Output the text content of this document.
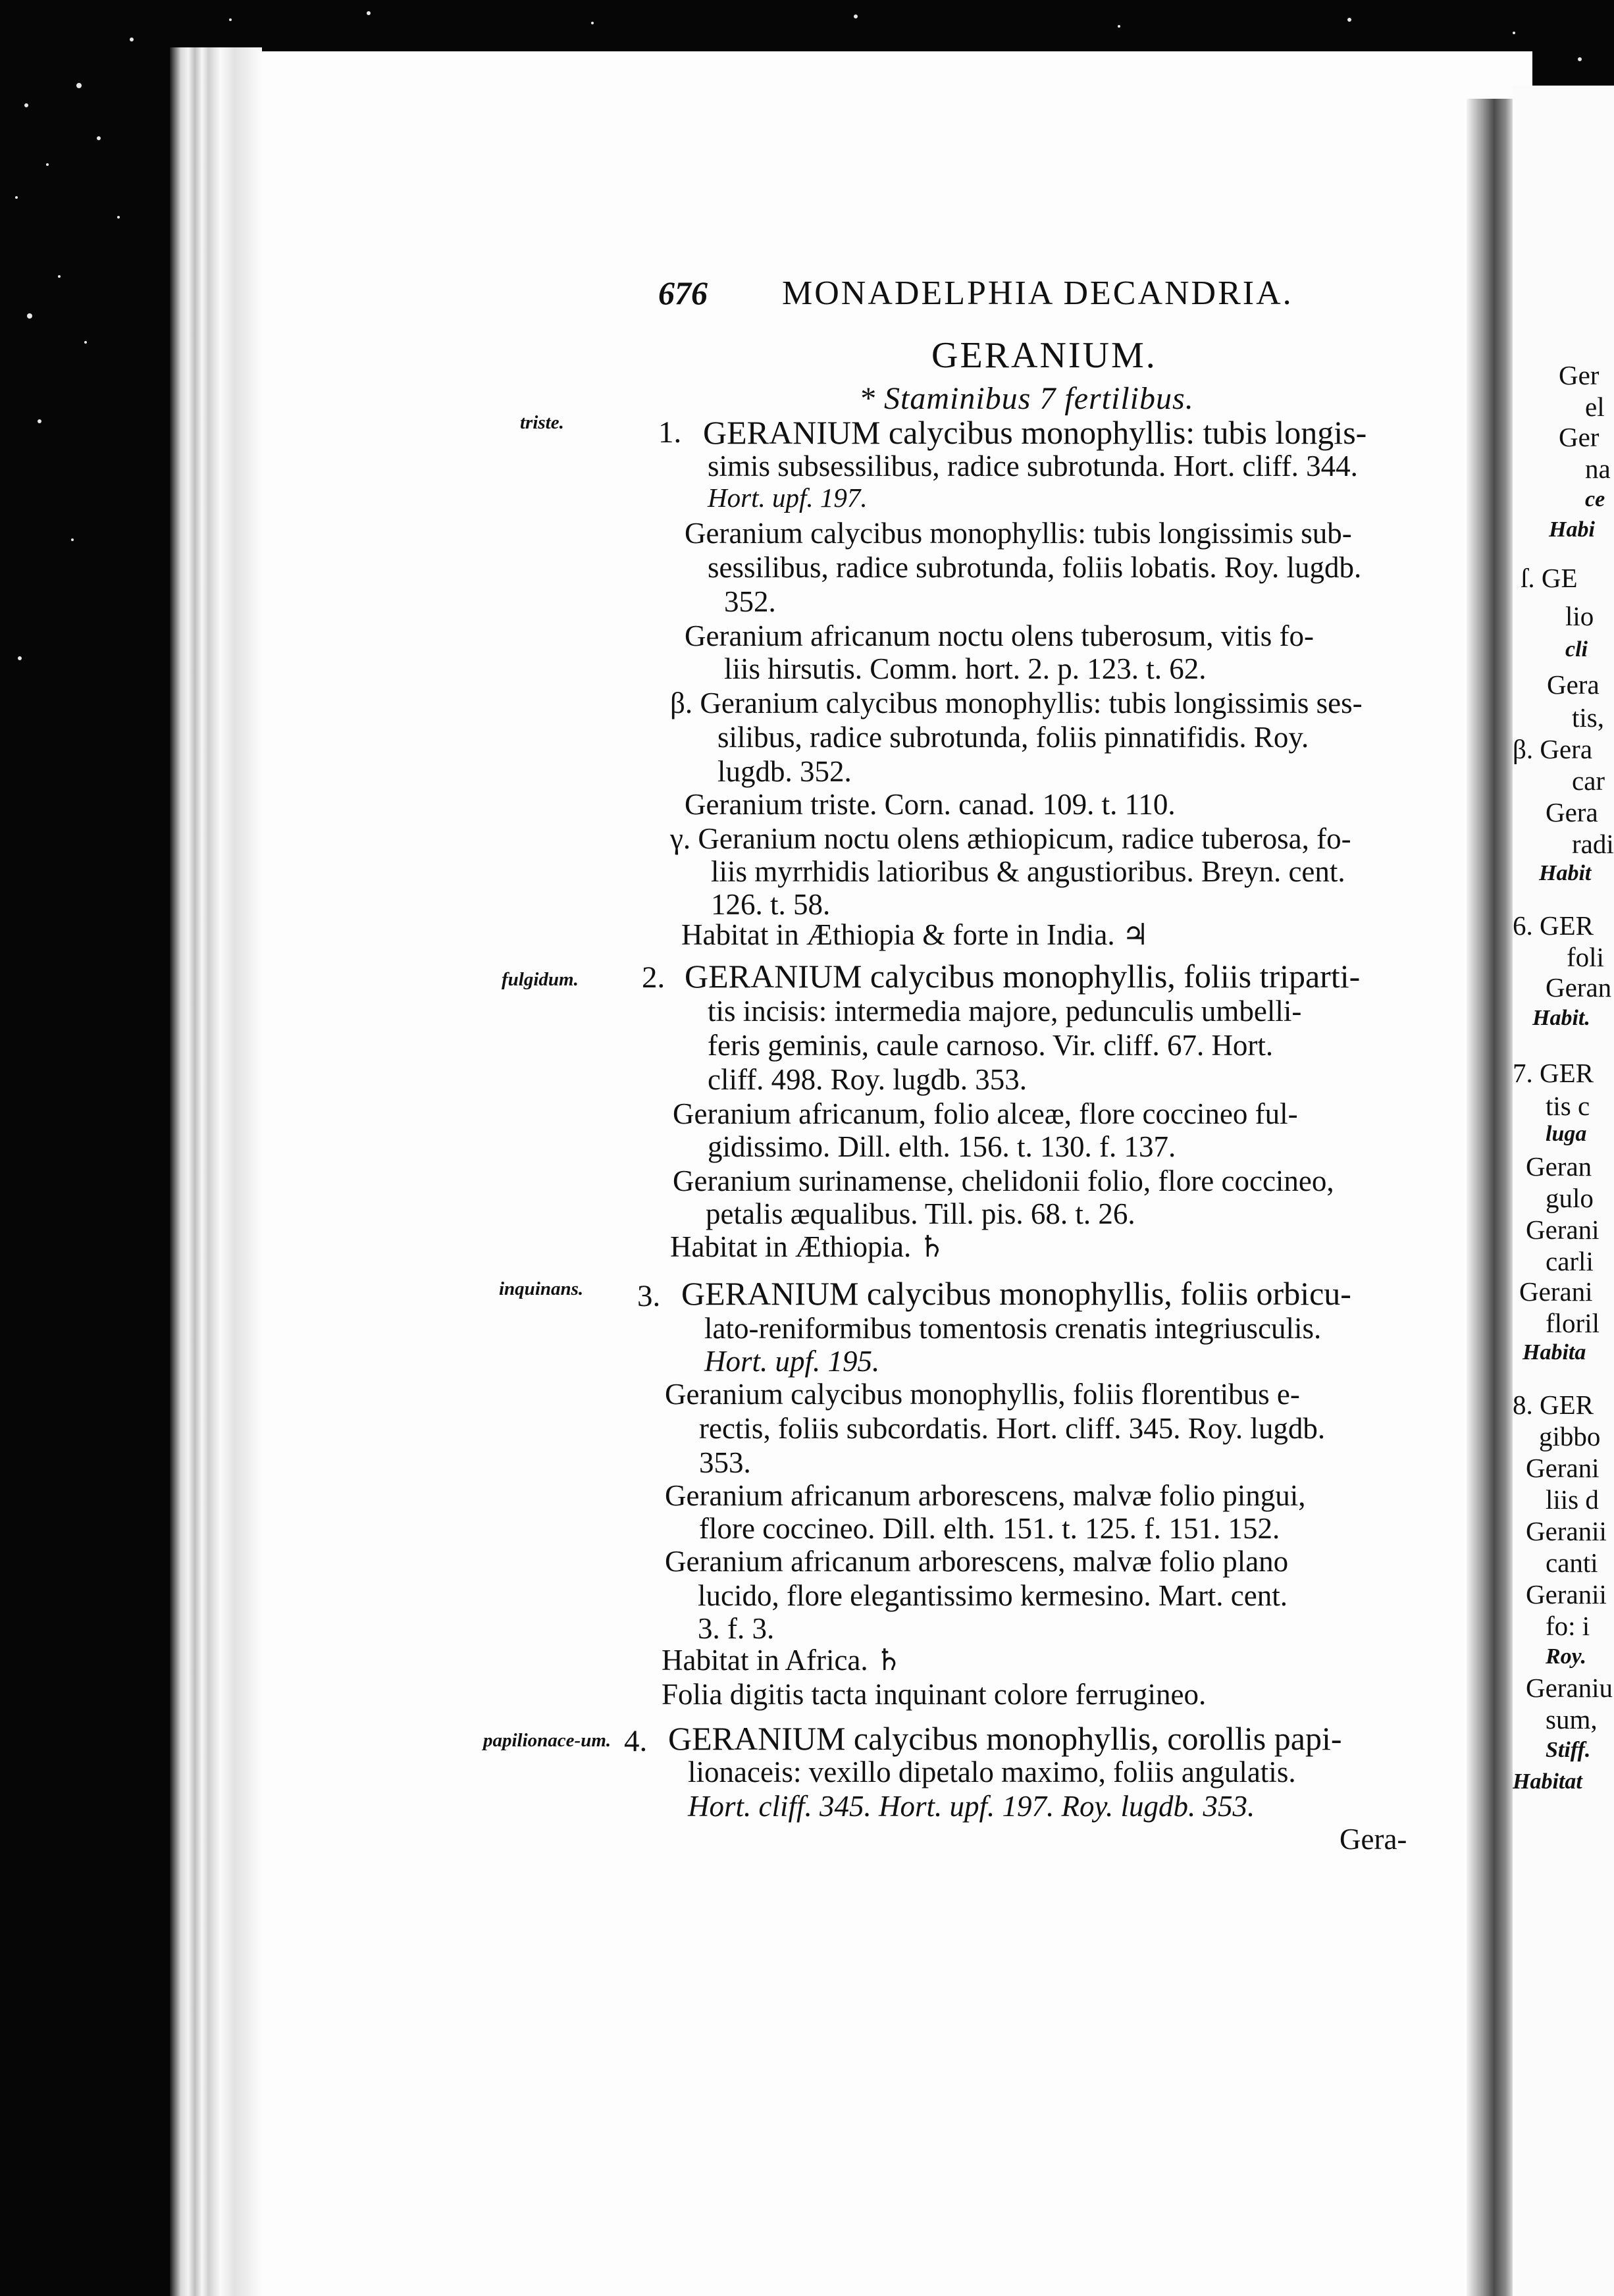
Ger
el
Ger
na
ce
Habi
ſ. GE
lio
cli
Gera
tis,
β. Gera
car
Gera
radi
Habit
6. GER
foli
Geran
Habit.
7. GER
tis c
luga
Geran
gulo
Gerani
carli
Gerani
floril
Habita
8. GER
gibbo
Gerani
liis d
Geranii
canti
Geranii
fo: i
Roy.
Geraniu
sum,
Stiff.
Habitat
676 MONADELPHIA DECANDRIA.
GERANIUM.
* Staminibus 7 fertilibus.
triste.	1. GERANIUM calycibus monophyllis: tubis longis-
simis subsessilibus, radice subrotunda. Hort. cliff. 344.
Hort. upf. 197.
Geranium calycibus monophyllis: tubis longissimis sub-
sessilibus, radice subrotunda, foliis lobatis. Roy. lugdb.
352.
Geranium africanum noctu olens tuberosum, vitis fo-
liis hirsutis. Comm. hort. 2. p. 123. t. 62.
β. Geranium calycibus monophyllis: tubis longissimis ses-
silibus, radice subrotunda, foliis pinnatifidis. Roy.
lugdb. 352.
Geranium triste. Corn. canad. 109. t. 110.
γ. Geranium noctu olens æthiopicum, radice tuberosa, fo-
liis myrrhidis latioribus & angustioribus. Breyn. cent.
126. t. 58.
Habitat in Æthiopia & forte in India. ♃
fulgidum. 2. GERANIUM calycibus monophyllis, foliis triparti-
tis incisis: intermedia majore, pedunculis umbelli-
feris geminis, caule carnoso. Vir. cliff. 67. Hort.
cliff. 498. Roy. lugdb. 353.
Geranium africanum, folio alceæ, flore coccineo ful-
gidissimo. Dill. elth. 156. t. 130. f. 137.
Geranium surinamense, chelidonii folio, flore coccineo,
petalis æqualibus. Till. pis. 68. t. 26.
Habitat in Æthiopia. ♄
inquinans. 3. GERANIUM calycibus monophyllis, foliis orbicu-
lato-reniformibus tomentosis crenatis integriusculis.
Hort. upf. 195.
Geranium calycibus monophyllis, foliis florentibus e-
rectis, foliis subcordatis. Hort. cliff. 345. Roy. lugdb.
353.
Geranium africanum arborescens, malvæ folio pingui,
flore coccineo. Dill. elth. 151. t. 125. f. 151. 152.
Geranium africanum arborescens, malvæ folio plano
lucido, flore elegantissimo kermesino. Mart. cent.
3. f. 3.
Habitat in Africa. ♄
Folia digitis tacta inquinant colore ferrugineo.
papilionace-um. 4. GERANIUM calycibus monophyllis, corollis papi-
lionaceis: vexillo dipetalo maximo, foliis angulatis.
Hort. cliff. 345. Hort. upf. 197. Roy. lugdb. 353.
Gera-
